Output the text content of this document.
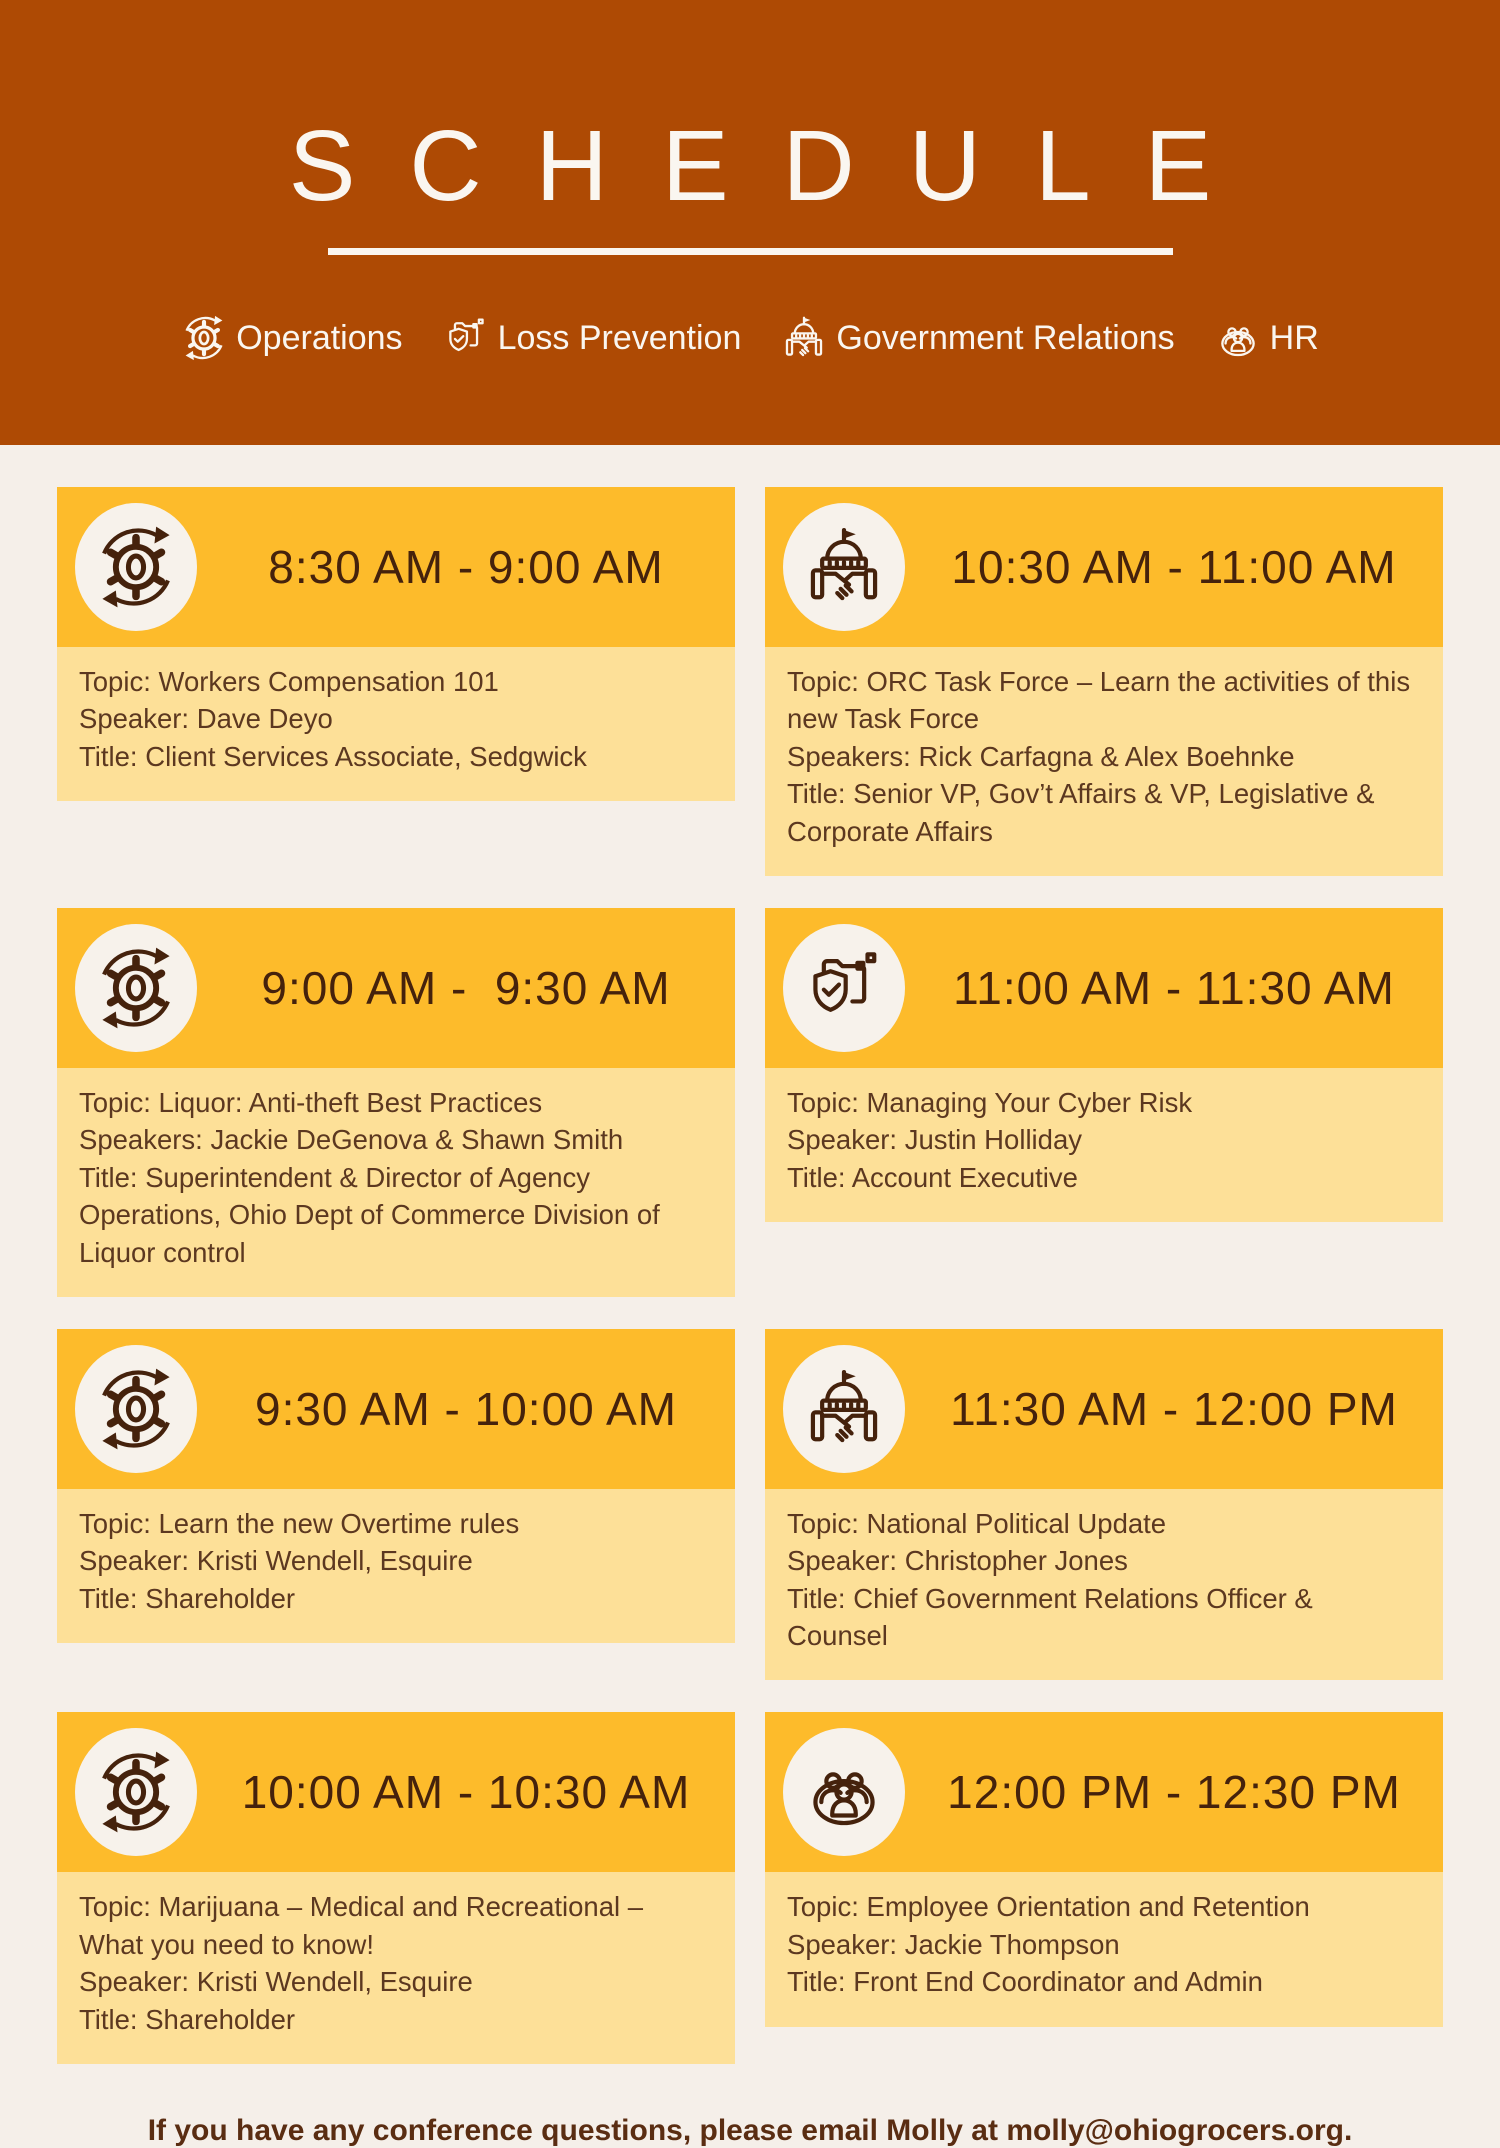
SCHEDULE
Operations	Loss Prevention	Government Relations	HR
8:30 AM - 9:00 AM

Topic: Workers Compensation 101

Speaker: Dave Deyo

Title: Client Services Associate, Sedgwick

10:30 AM - 11:00 AM

Topic: ORC Task Force – Learn the activities of this new Task Force

Speakers: Rick Carfagna & Alex Boehnke

Title: Senior VP, Gov’t Affairs & VP, Legislative & Corporate Affairs

9:00 AM -  9:30 AM

Topic: Liquor: Anti-theft Best Practices

Speakers: Jackie DeGenova & Shawn Smith

Title: Superintendent & Director of Agency Operations, Ohio Dept of Commerce Division of Liquor control

11:00 AM - 11:30 AM

Topic: Managing Your Cyber Risk

Speaker: Justin Holliday

Title: Account Executive

9:30 AM - 10:00 AM

Topic: Learn the new Overtime rules

Speaker: Kristi Wendell, Esquire

Title: Shareholder

11:30 AM - 12:00 PM

Topic: National Political Update

Speaker: Christopher Jones

Title: Chief Government Relations Officer & Counsel

10:00 AM - 10:30 AM

Topic: Marijuana – Medical and Recreational – What you need to know!

Speaker: Kristi Wendell, Esquire

Title: Shareholder

12:00 PM - 12:30 PM

Topic: Employee Orientation and Retention

Speaker: Jackie Thompson

Title: Front End Coordinator and Admin

If you have any conference questions, please email Molly at molly@ohiogrocers.org.
